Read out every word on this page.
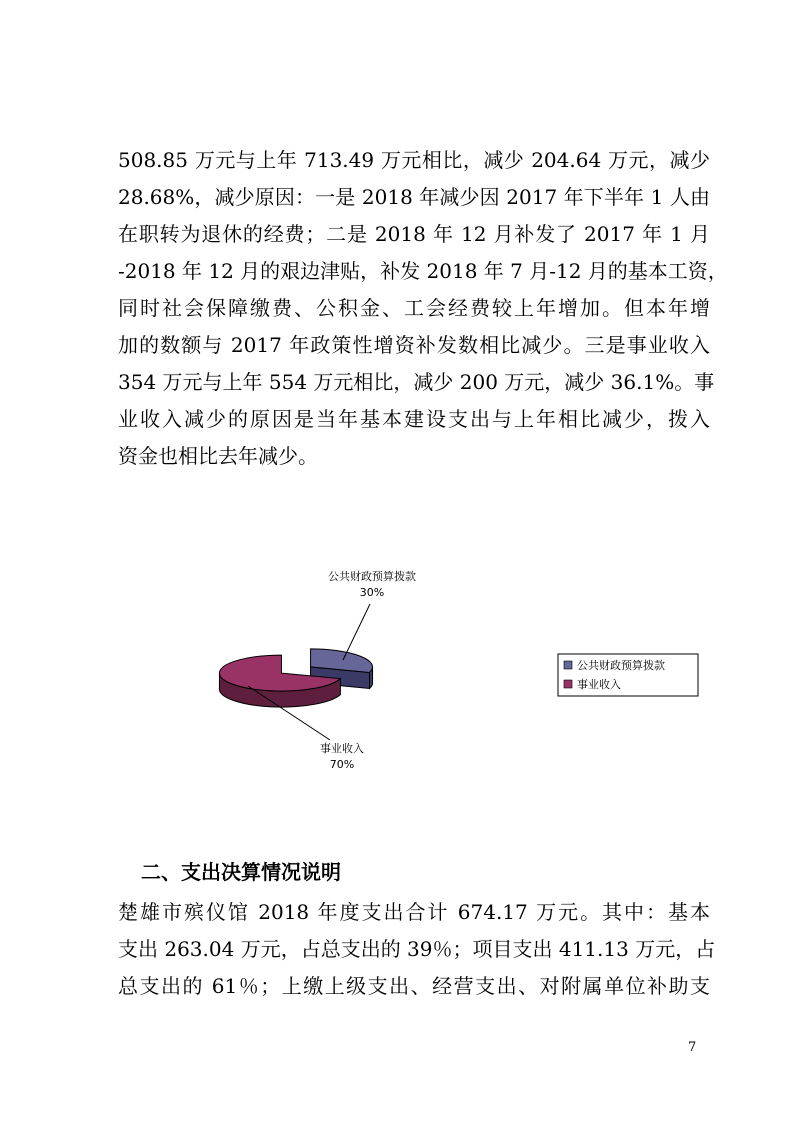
508.85 万元与上年 713.49 万元相比，减少 204.64 万元，减少
28.68%，减少原因：一是 2018 年减少因 2017 年下半年 1 人由
在职转为退休的经费；二是 2018 年 12 月补发了 2017 年 1 月
-2018 年 12 月的艰边津贴，补发 2018 年 7 月-12 月的基本工资，
同时社会保障缴费、公积金、工会经费较上年增加。但本年增
加的数额与 2017 年政策性增资补发数相比减少。三是事业收入
354 万元与上年 554 万元相比，减少 200 万元，减少 36.1%。事
业收入减少的原因是当年基本建设支出与上年相比减少，拨入
资金也相比去年减少。
公共财政预算拨款
30%
事业收入
70%
公共财政预算拨款
事业收入
二、支出决算情况说明
楚雄市殡仪馆 2018 年度支出合计 674.17 万元。其中：基本
支出 263.04 万元，占总支出的 39％；项目支出 411.13 万元，占
总支出的 61％；上缴上级支出、经营支出、对附属单位补助支
7
